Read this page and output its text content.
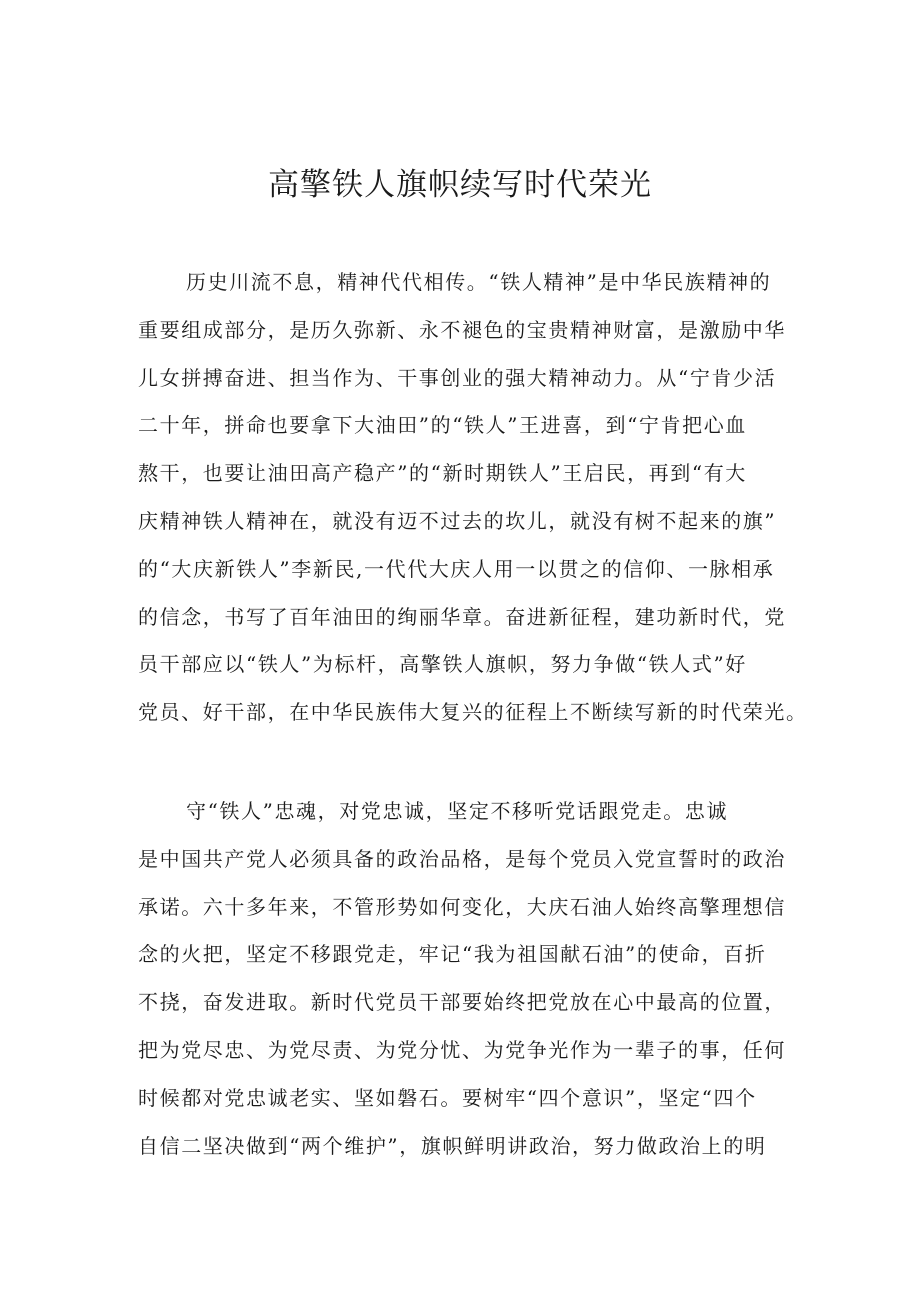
高擎铁人旗帜续写时代荣光
历史川流不息，精神代代相传。“铁人精神”是中华民族精神的
重要组成部分，是历久弥新、永不褪色的宝贵精神财富，是激励中华
儿女拼搏奋进、担当作为、干事创业的强大精神动力。从“宁肯少活
二十年，拼命也要拿下大油田”的“铁人”王进喜，到“宁肯把心血
熬干，也要让油田高产稳产”的“新时期铁人”王启民，再到“有大
庆精神铁人精神在，就没有迈不过去的坎儿，就没有树不起来的旗”
的“大庆新铁人”李新民,一代代大庆人用一以贯之的信仰、一脉相承
的信念，书写了百年油田的绚丽华章。奋进新征程，建功新时代，党
员干部应以“铁人”为标杆，高擎铁人旗帜，努力争做“铁人式”好
党员、好干部，在中华民族伟大复兴的征程上不断续写新的时代荣光。
守“铁人”忠魂，对党忠诚，坚定不移听党话跟党走。忠诚
是中国共产党人必须具备的政治品格，是每个党员入党宣誓时的政治
承诺。六十多年来，不管形势如何变化，大庆石油人始终高擎理想信
念的火把，坚定不移跟党走，牢记“我为祖国献石油”的使命，百折
不挠，奋发进取。新时代党员干部要始终把党放在心中最高的位置，
把为党尽忠、为党尽责、为党分忧、为党争光作为一辈子的事，任何
时候都对党忠诚老实、坚如磐石。要树牢“四个意识”，坚定“四个
自信二坚决做到“两个维护”，旗帜鲜明讲政治，努力做政治上的明
